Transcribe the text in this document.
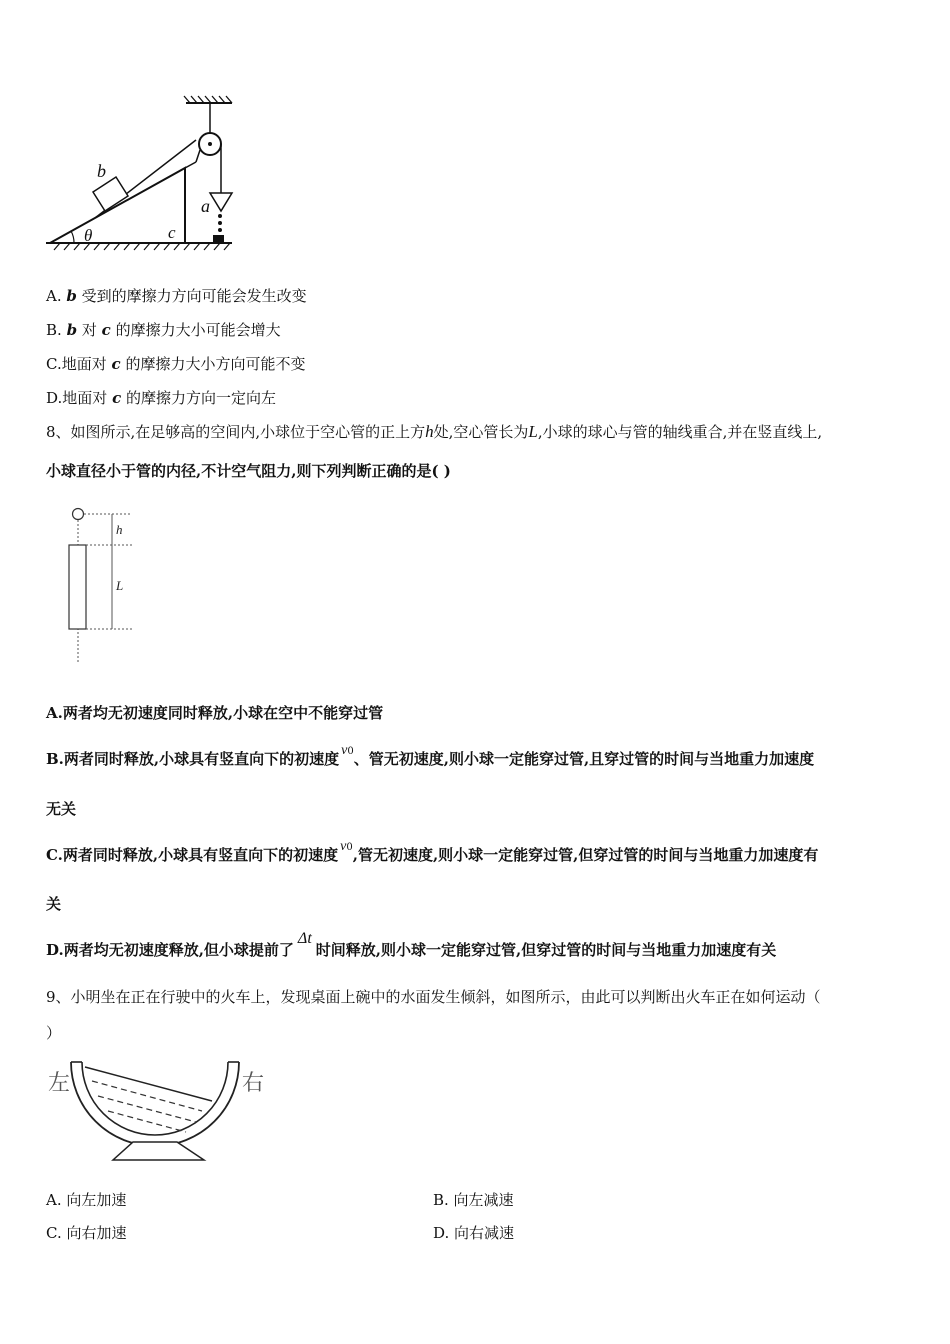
b
a
c
θ
A. b 受到的摩擦力方向可能会发生改变
B. b 对 c 的摩擦力大小可能会增大
C.地面对 c 的摩擦力大小方向可能不变
D.地面对 c 的摩擦力方向一定向左
8、如图所示,在足够高的空间内,小球位于空心管的正上方h处,空心管长为L,小球的球心与管的轴线重合,并在竖直线上,
小球直径小于管的内径,不计空气阻力,则下列判断正确的是( )
h
L
A.两者均无初速度同时释放,小球在空中不能穿过管
B.两者同时释放,小球具有竖直向下的初速度 v0、管无初速度,则小球一定能穿过管,且穿过管的时间与当地重力加速度
无关
C.两者同时释放,小球具有竖直向下的初速度 v0,管无初速度,则小球一定能穿过管,但穿过管的时间与当地重力加速度有
关
D.两者均无初速度释放,但小球提前了Δt时间释放,则小球一定能穿过管,但穿过管的时间与当地重力加速度有关
9、小明坐在正在行驶中的火车上，发现桌面上碗中的水面发生倾斜，如图所示，由此可以判断出火车正在如何运动（
）
左	右
A. 向左加速	B. 向左减速
C. 向右加速	D. 向右减速
